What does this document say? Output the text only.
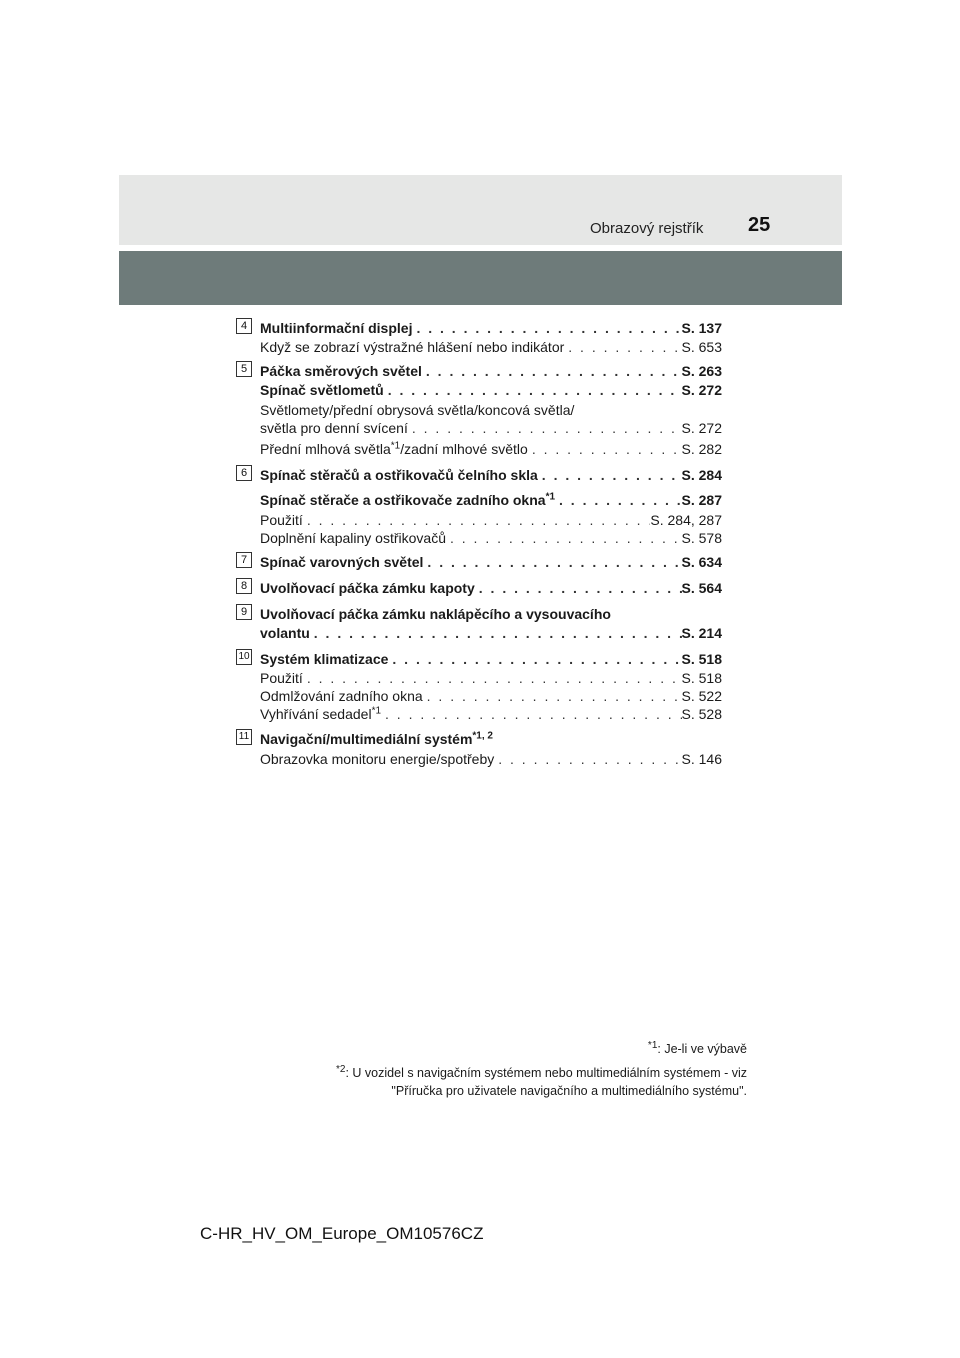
Obrazový rejstřík 25
4 Multiinformační displej . . .	S. 137
Když se zobrazí výstražné hlášení nebo indikátor . . .	S. 653
5 Páčka směrových světel . . .	S. 263
Spínač světlometů . . .	S. 272
Světlomety/přední obrysová světla/koncová světla/
světla pro denní svícení . . .	S. 272
Přední mlhová světla$^{*1}$/zadní mlhové světlo . . .	S. 282
6 Spínač stěračů a ostřikovačů čelního skla . . .	S. 284
Spínač stěrače a ostřikovače zadního okna$^{*1}$ . . .	S. 287
Použití . . .	S. 284, 287
Doplnění kapaliny ostřikovačů . . .	S. 578
7 Spínač varovných světel . . .	S. 634
8 Uvolňovací páčka zámku kapoty . . .	S. 564
9 Uvolňovací páčka zámku naklápěcího a vysouvacího
volantu . . .	S. 214
10 Systém klimatizace . . .	S. 518
Použití . . .	S. 518
Odmlžování zadního okna . . .	S. 522
Vyhřívání sedadel$^{*1}$ . . .	S. 528
11 Navigační/multimediální systém$^{*1, 2}$
Obrazovka monitoru energie/spotřeby . . .	S. 146
$^{*1}$: Je-li ve výbavě
$^{*2}$: U vozidel s navigačním systémem nebo multimediálním systémem - viz
"Příručka pro uživatele navigačního a multimediálního systému".
C-HR_HV_OM_Europe_OM10576CZ
